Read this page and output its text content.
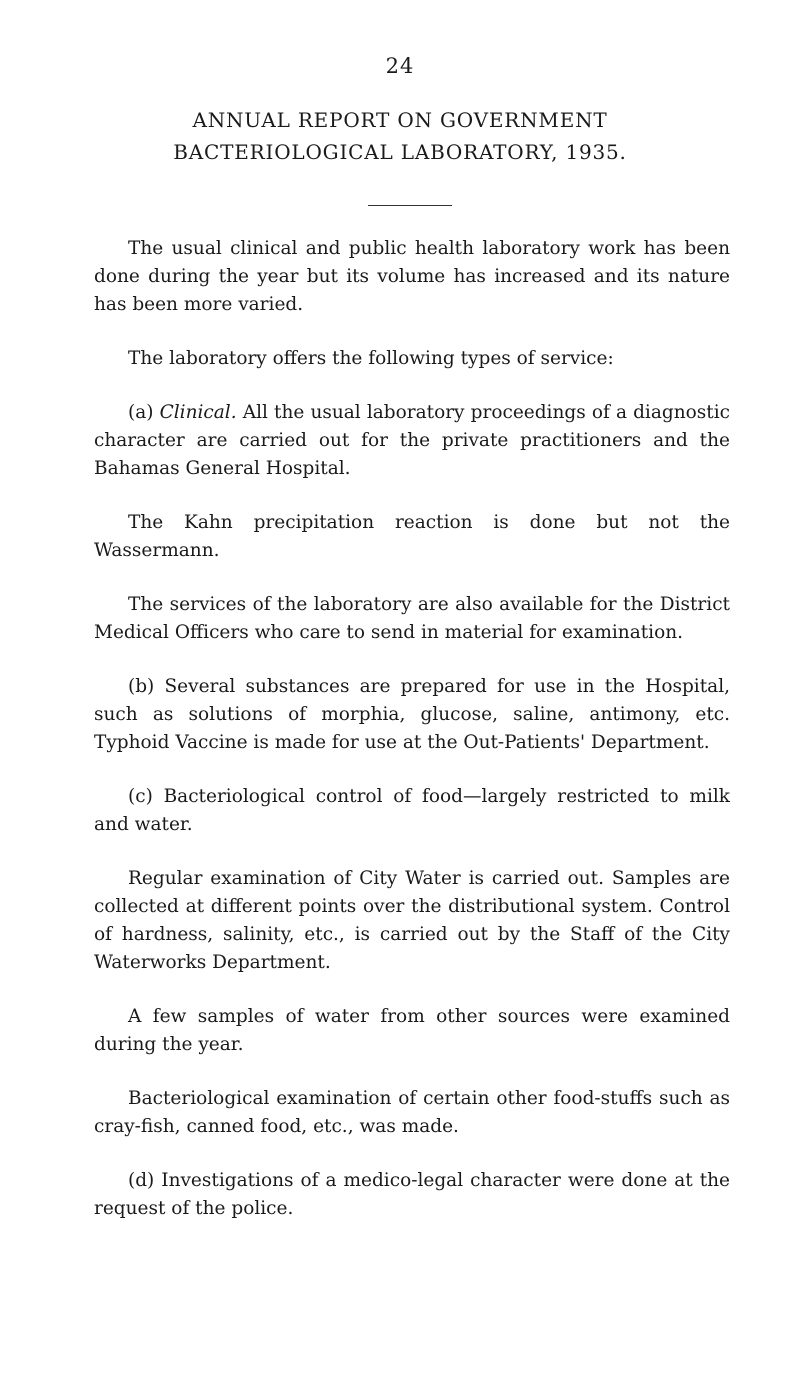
24
ANNUAL REPORT ON GOVERNMENT
BACTERIOLOGICAL LABORATORY, 1935.

The usual clinical and public health laboratory work has been done during the year but its volume has increased and its nature has been more varied.

The laboratory offers the following types of service:

(a) Clinical. All the usual laboratory proceedings of a diagnostic character are carried out for the private practitioners and the Bahamas General Hospital.

The Kahn precipitation reaction is done but not the Wassermann.

The services of the laboratory are also available for the District Medical Officers who care to send in material for examination.

(b) Several substances are prepared for use in the Hospital, such as solutions of morphia, glucose, saline, antimony, etc. Typhoid Vaccine is made for use at the Out-Patients' Department.

(c) Bacteriological control of food—largely restricted to milk and water.

Regular examination of City Water is carried out. Samples are collected at different points over the distributional system. Control of hardness, salinity, etc., is carried out by the Staff of the City Waterworks Department.

A few samples of water from other sources were examined during the year.

Bacteriological examination of certain other food-stuffs such as cray-fish, canned food, etc., was made.

(d) Investigations of a medico-legal character were done at the request of the police.
